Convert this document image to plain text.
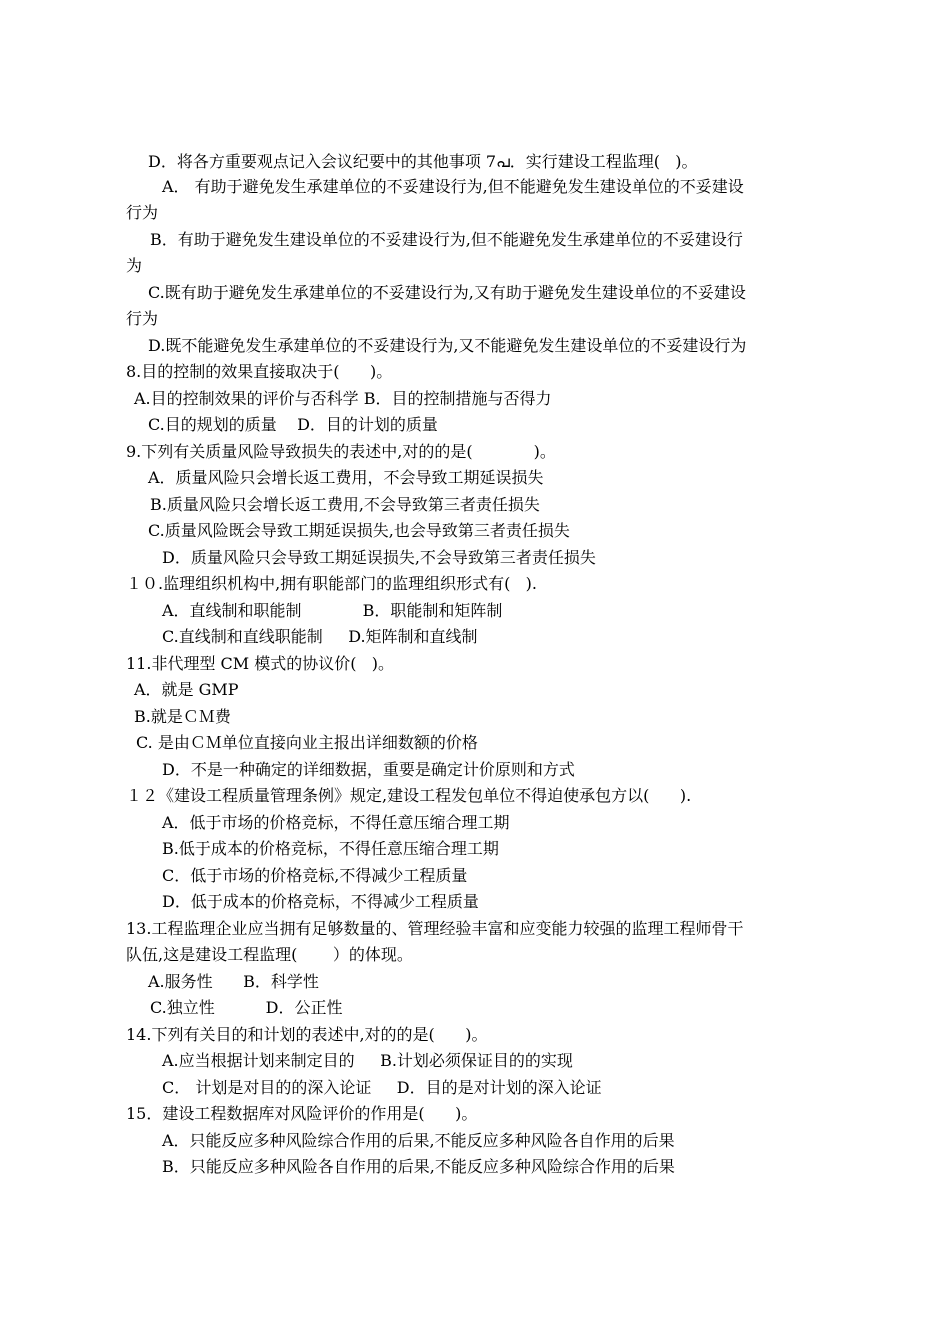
D．将各方重要观点记入会议纪要中的其他事项 7പ．实行建设工程监理(   )。
A． 有助于避免发生承建单位的不妥建设行为,但不能避免发生建设单位的不妥建设
行为
B．有助于避免发生建设单位的不妥建设行为,但不能避免发生承建单位的不妥建设行
为
C.既有助于避免发生承建单位的不妥建设行为,又有助于避免发生建设单位的不妥建设
行为
D.既不能避免发生承建单位的不妥建设行为,又不能避免发生建设单位的不妥建设行为
8.目的控制的效果直接取决于(      )。
A.目的控制效果的评价与否科学 B．目的控制措施与否得力
C.目的规划的质量    D．目的计划的质量
9.下列有关质量风险导致损失的表述中,对的的是(            )。
A．质量风险只会增长返工费用，不会导致工期延误损失
B.质量风险只会增长返工费用,不会导致第三者责任损失
C.质量风险既会导致工期延误损失,也会导致第三者责任损失
D．质量风险只会导致工期延误损失,不会导致第三者责任损失
１０.监理组织机构中,拥有职能部门的监理组织形式有(   ).
A．直线制和职能制            B．职能制和矩阵制
C.直线制和直线职能制     D.矩阵制和直线制
11.非代理型 CM 模式的协议价(   )。
A．就是 GMP
B.就是ＣＭ费
C. 是由ＣＭ单位直接向业主报出详细数额的价格
D．不是一种确定的详细数据，重要是确定计价原则和方式
１２《建设工程质量管理条例》规定,建设工程发包单位不得迫使承包方以(      ).
A．低于市场的价格竞标，不得任意压缩合理工期
B.低于成本的价格竞标，不得任意压缩合理工期
C．低于市场的价格竞标,不得减少工程质量
D．低于成本的价格竞标，不得减少工程质量
13.工程监理企业应当拥有足够数量的、管理经验丰富和应变能力较强的监理工程师骨干
队伍,这是建设工程监理(       ）的体现。
A.服务性      B．科学性
C.独立性          D．公正性
14.下列有关目的和计划的表述中,对的的是(      )。
A.应当根据计划来制定目的     B.计划必须保证目的的实现
C． 计划是对目的的深入论证     D．目的是对计划的深入论证
15．建设工程数据库对风险评价的作用是(      )。
A．只能反应多种风险综合作用的后果,不能反应多种风险各自作用的后果
B．只能反应多种风险各自作用的后果,不能反应多种风险综合作用的后果
